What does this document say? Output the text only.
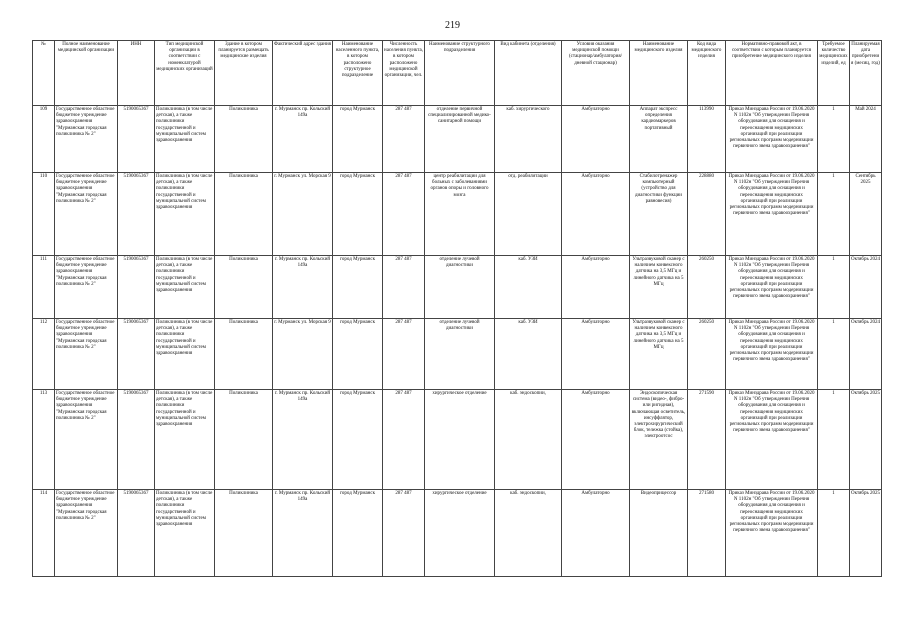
219
№	Полное наименование медицинской организации	ИНН	Тип медицинской организации в соответствии с номенклатурой медицинских организаций	Здание в котором планируется размещать медицинские изделия	Фактический адрес здания	Наименование населенного пункта, в котором расположено структурное подразделение	Численность населения пункта, в котором расположено медицинской организации, чел.	Наименование структурного подразделения	Вид кабинета (отделения)	Условия оказания медицинской помощи (стационар/амбулатория/дневной стационар)	Наименование медицинского изделия	Код вида медицинского изделия	Нормативно-правовой акт, в соответствии с которым планируется приобретение медицинского изделия	Требуемое количество медицинских изделий, ед	Планируемая дата приобретения (месяц, год)
109	Государственное областное бюджетное учреждение здравоохранения "Мурманская городская поликлиника № 2"	5190065367	Поликлиника (в том числе детская), а также поликлиники государственной и муниципальной систем здравоохранения	Поликлиника	г. Мурманск пр. Кольский 149а	город Мурманск	287 487	отделение первичной специализированной медико-санитарной помощи	каб. хирургического	Амбулаторно	Аппарат экспресс определения кардиомаркеров портативный	113990	Приказ Минздрава России от 19.06.2020 N 1102н "Об утверждении Перечня оборудования для оснащения и переоснащения медицинских организаций при реализации региональных программ модернизации первичного звена здравоохранения"	1	Май 2024
110	Государственное областное бюджетное учреждение здравоохранения "Мурманская городская поликлиника № 2"	5190065367	Поликлиника (в том числе детская), а также поликлиники государственной и муниципальной систем здравоохранения	Поликлиника	г. Мурманск ул. Морская 9	город Мурманск	287 487	центр реабилитации для больных с заболеваниями органов опоры и головного мозга	отд. реабилитации	Амбулаторно	Стабилотренажер компьютерный (устройство для диагностики функции равновесия)	228880	Приказ Минздрава России от 19.06.2020 N 1102н "Об утверждении Перечня оборудования для оснащения и переоснащения медицинских организаций при реализации региональных программ модернизации первичного звена здравоохранения"	1	Сентябрь 2025
111	Государственное областное бюджетное учреждение здравоохранения "Мурманская городская поликлиника № 2"	5190065367	Поликлиника (в том числе детская), а также поликлиники государственной и муниципальной систем здравоохранения	Поликлиника	г. Мурманск пр. Кольский 149а	город Мурманск	287 487	отделение лучевой диагностики	каб. УЗИ	Амбулаторно	Ультразвуковой сканер с наличием конвексного датчика на 3,5 МГц и линейного датчика на 5 МГц	260250	Приказ Минздрава России от 19.06.2020 N 1102н "Об утверждении Перечня оборудования для оснащения и переоснащения медицинских организаций при реализации региональных программ модернизации первичного звена здравоохранения"	1	Октябрь 2024
112	Государственное областное бюджетное учреждение здравоохранения "Мурманская городская поликлиника № 2"	5190065367	Поликлиника (в том числе детская), а также поликлиники государственной и муниципальной систем здравоохранения	Поликлиника	г. Мурманск ул. Морская 9	город Мурманск	287 487	отделение лучевой диагностики	каб. УЗИ	Амбулаторно	Ультразвуковой сканер с наличием конвексного датчика на 3,5 МГц и линейного датчика на 5 МГц	260250	Приказ Минздрава России от 19.06.2020 N 1102н "Об утверждении Перечня оборудования для оснащения и переоснащения медицинских организаций при реализации региональных программ модернизации первичного звена здравоохранения"	1	Октябрь 2024
113	Государственное областное бюджетное учреждение здравоохранения "Мурманская городская поликлиника № 2"	5190065367	Поликлиника (в том числе детская), а также поликлиники государственной и муниципальной систем здравоохранения	Поликлиника	г. Мурманск пр. Кольский 149а	город Мурманск	287 487	хирургическое отделение	каб. эндоскопии,	Амбулаторно	Эндоскопическая система (видео-, фибро- или ригидная), включающая осветитель, инсуффлятор, электрохирургический блок, тележка (стойка), электроотсос	271590	Приказ Минздрава России от 19.06.2020 N 1102н "Об утверждении Перечня оборудования для оснащения и переоснащения медицинских организаций при реализации региональных программ модернизации первичного звена здравоохранения"	1	Октябрь 2025
114	Государственное областное бюджетное учреждение здравоохранения "Мурманская городская поликлиника № 2"	5190065367	Поликлиника (в том числе детская), а также поликлиники государственной и муниципальной систем здравоохранения	Поликлиника	г. Мурманск пр. Кольский 149а	город Мурманск	287 487	хирургическое отделение	каб. эндоскопии,	Амбулаторно	Видеоприцессор	271580	Приказ Минздрава России от 19.06.2020 N 1102н "Об утверждении Перечня оборудования для оснащения и переоснащения медицинских организаций при реализации региональных программ модернизации первичного звена здравоохранения"	1	Октябрь 2025
